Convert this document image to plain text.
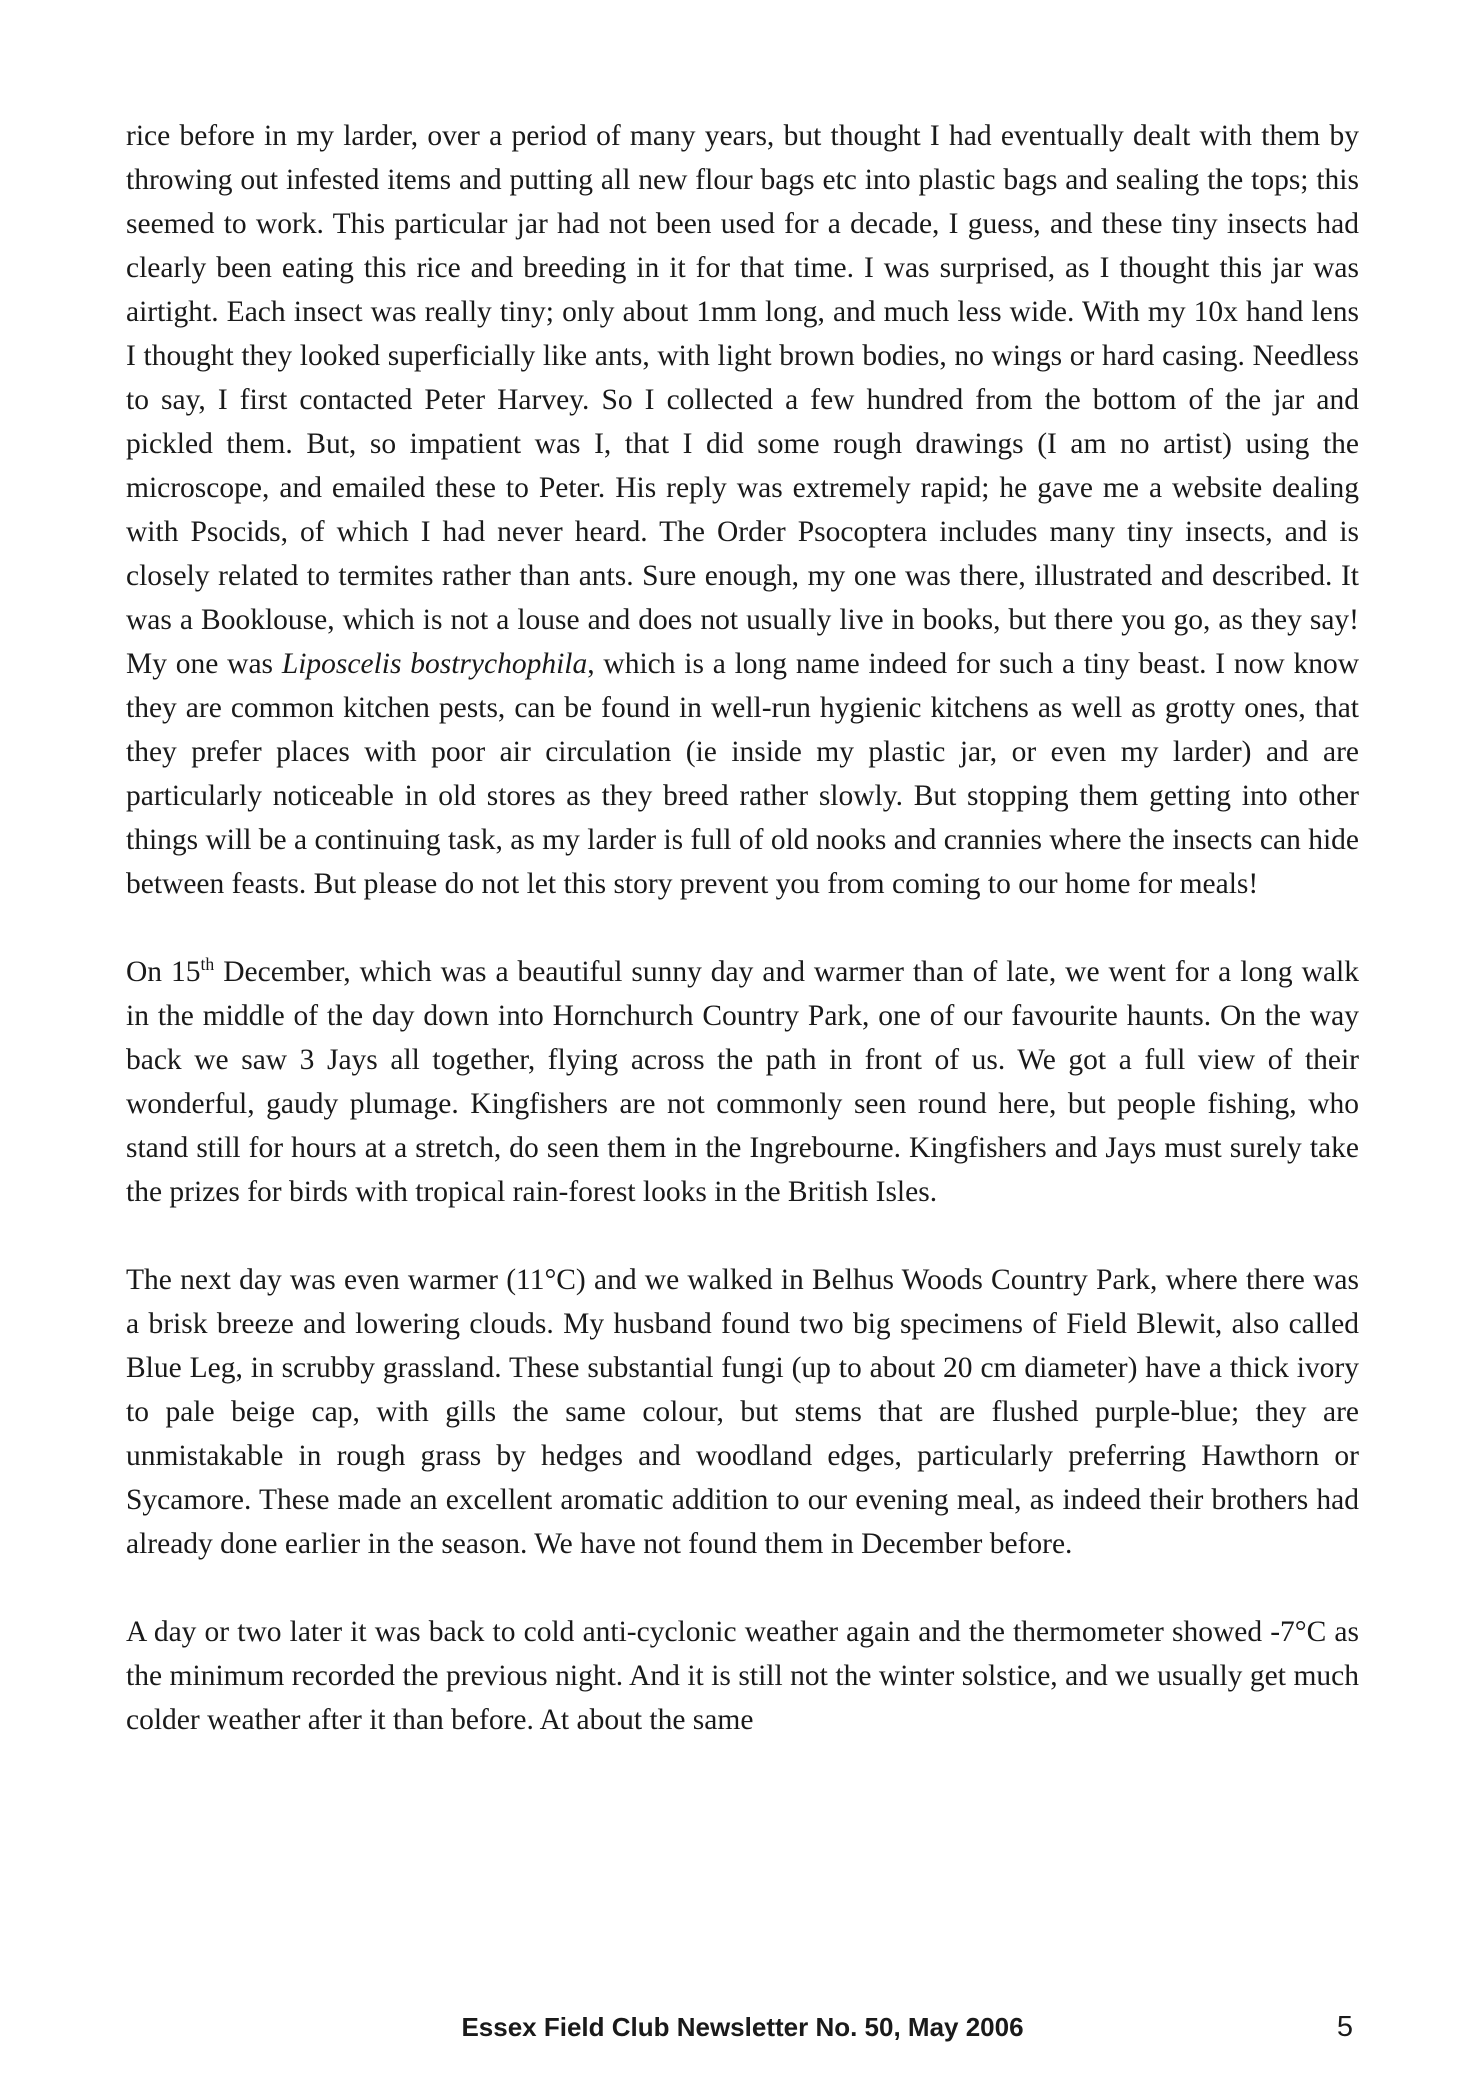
rice before in my larder, over a period of many years, but thought I had eventually dealt with them by throwing out infested items and putting all new flour bags etc into plastic bags and sealing the tops; this seemed to work. This particular jar had not been used for a decade, I guess, and these tiny insects had clearly been eating this rice and breeding in it for that time. I was surprised, as I thought this jar was airtight. Each insect was really tiny; only about 1mm long, and much less wide. With my 10x hand lens I thought they looked superficially like ants, with light brown bodies, no wings or hard casing. Needless to say, I first contacted Peter Harvey. So I collected a few hundred from the bottom of the jar and pickled them. But, so impatient was I, that I did some rough drawings (I am no artist) using the microscope, and emailed these to Peter. His reply was extremely rapid; he gave me a website dealing with Psocids, of which I had never heard. The Order Psocoptera includes many tiny insects, and is closely related to termites rather than ants. Sure enough, my one was there, illustrated and described. It was a Booklouse, which is not a louse and does not usually live in books, but there you go, as they say! My one was Liposcelis bostrychophila, which is a long name indeed for such a tiny beast. I now know they are common kitchen pests, can be found in well-run hygienic kitchens as well as grotty ones, that they prefer places with poor air circulation (ie inside my plastic jar, or even my larder) and are particularly noticeable in old stores as they breed rather slowly. But stopping them getting into other things will be a continuing task, as my larder is full of old nooks and crannies where the insects can hide between feasts. But please do not let this story prevent you from coming to our home for meals!

On 15th December, which was a beautiful sunny day and warmer than of late, we went for a long walk in the middle of the day down into Hornchurch Country Park, one of our favourite haunts. On the way back we saw 3 Jays all together, flying across the path in front of us. We got a full view of their wonderful, gaudy plumage. Kingfishers are not commonly seen round here, but people fishing, who stand still for hours at a stretch, do seen them in the Ingrebourne. Kingfishers and Jays must surely take the prizes for birds with tropical rain-forest looks in the British Isles.

The next day was even warmer (11°C) and we walked in Belhus Woods Country Park, where there was a brisk breeze and lowering clouds. My husband found two big specimens of Field Blewit, also called Blue Leg, in scrubby grassland. These substantial fungi (up to about 20 cm diameter) have a thick ivory to pale beige cap, with gills the same colour, but stems that are flushed purple-blue; they are unmistakable in rough grass by hedges and woodland edges, particularly preferring Hawthorn or Sycamore. These made an excellent aromatic addition to our evening meal, as indeed their brothers had already done earlier in the season. We have not found them in December before.

A day or two later it was back to cold anti-cyclonic weather again and the thermometer showed -7°C as the minimum recorded the previous night. And it is still not the winter solstice, and we usually get much colder weather after it than before. At about the same

Essex Field Club Newsletter No. 50, May 2006	5
